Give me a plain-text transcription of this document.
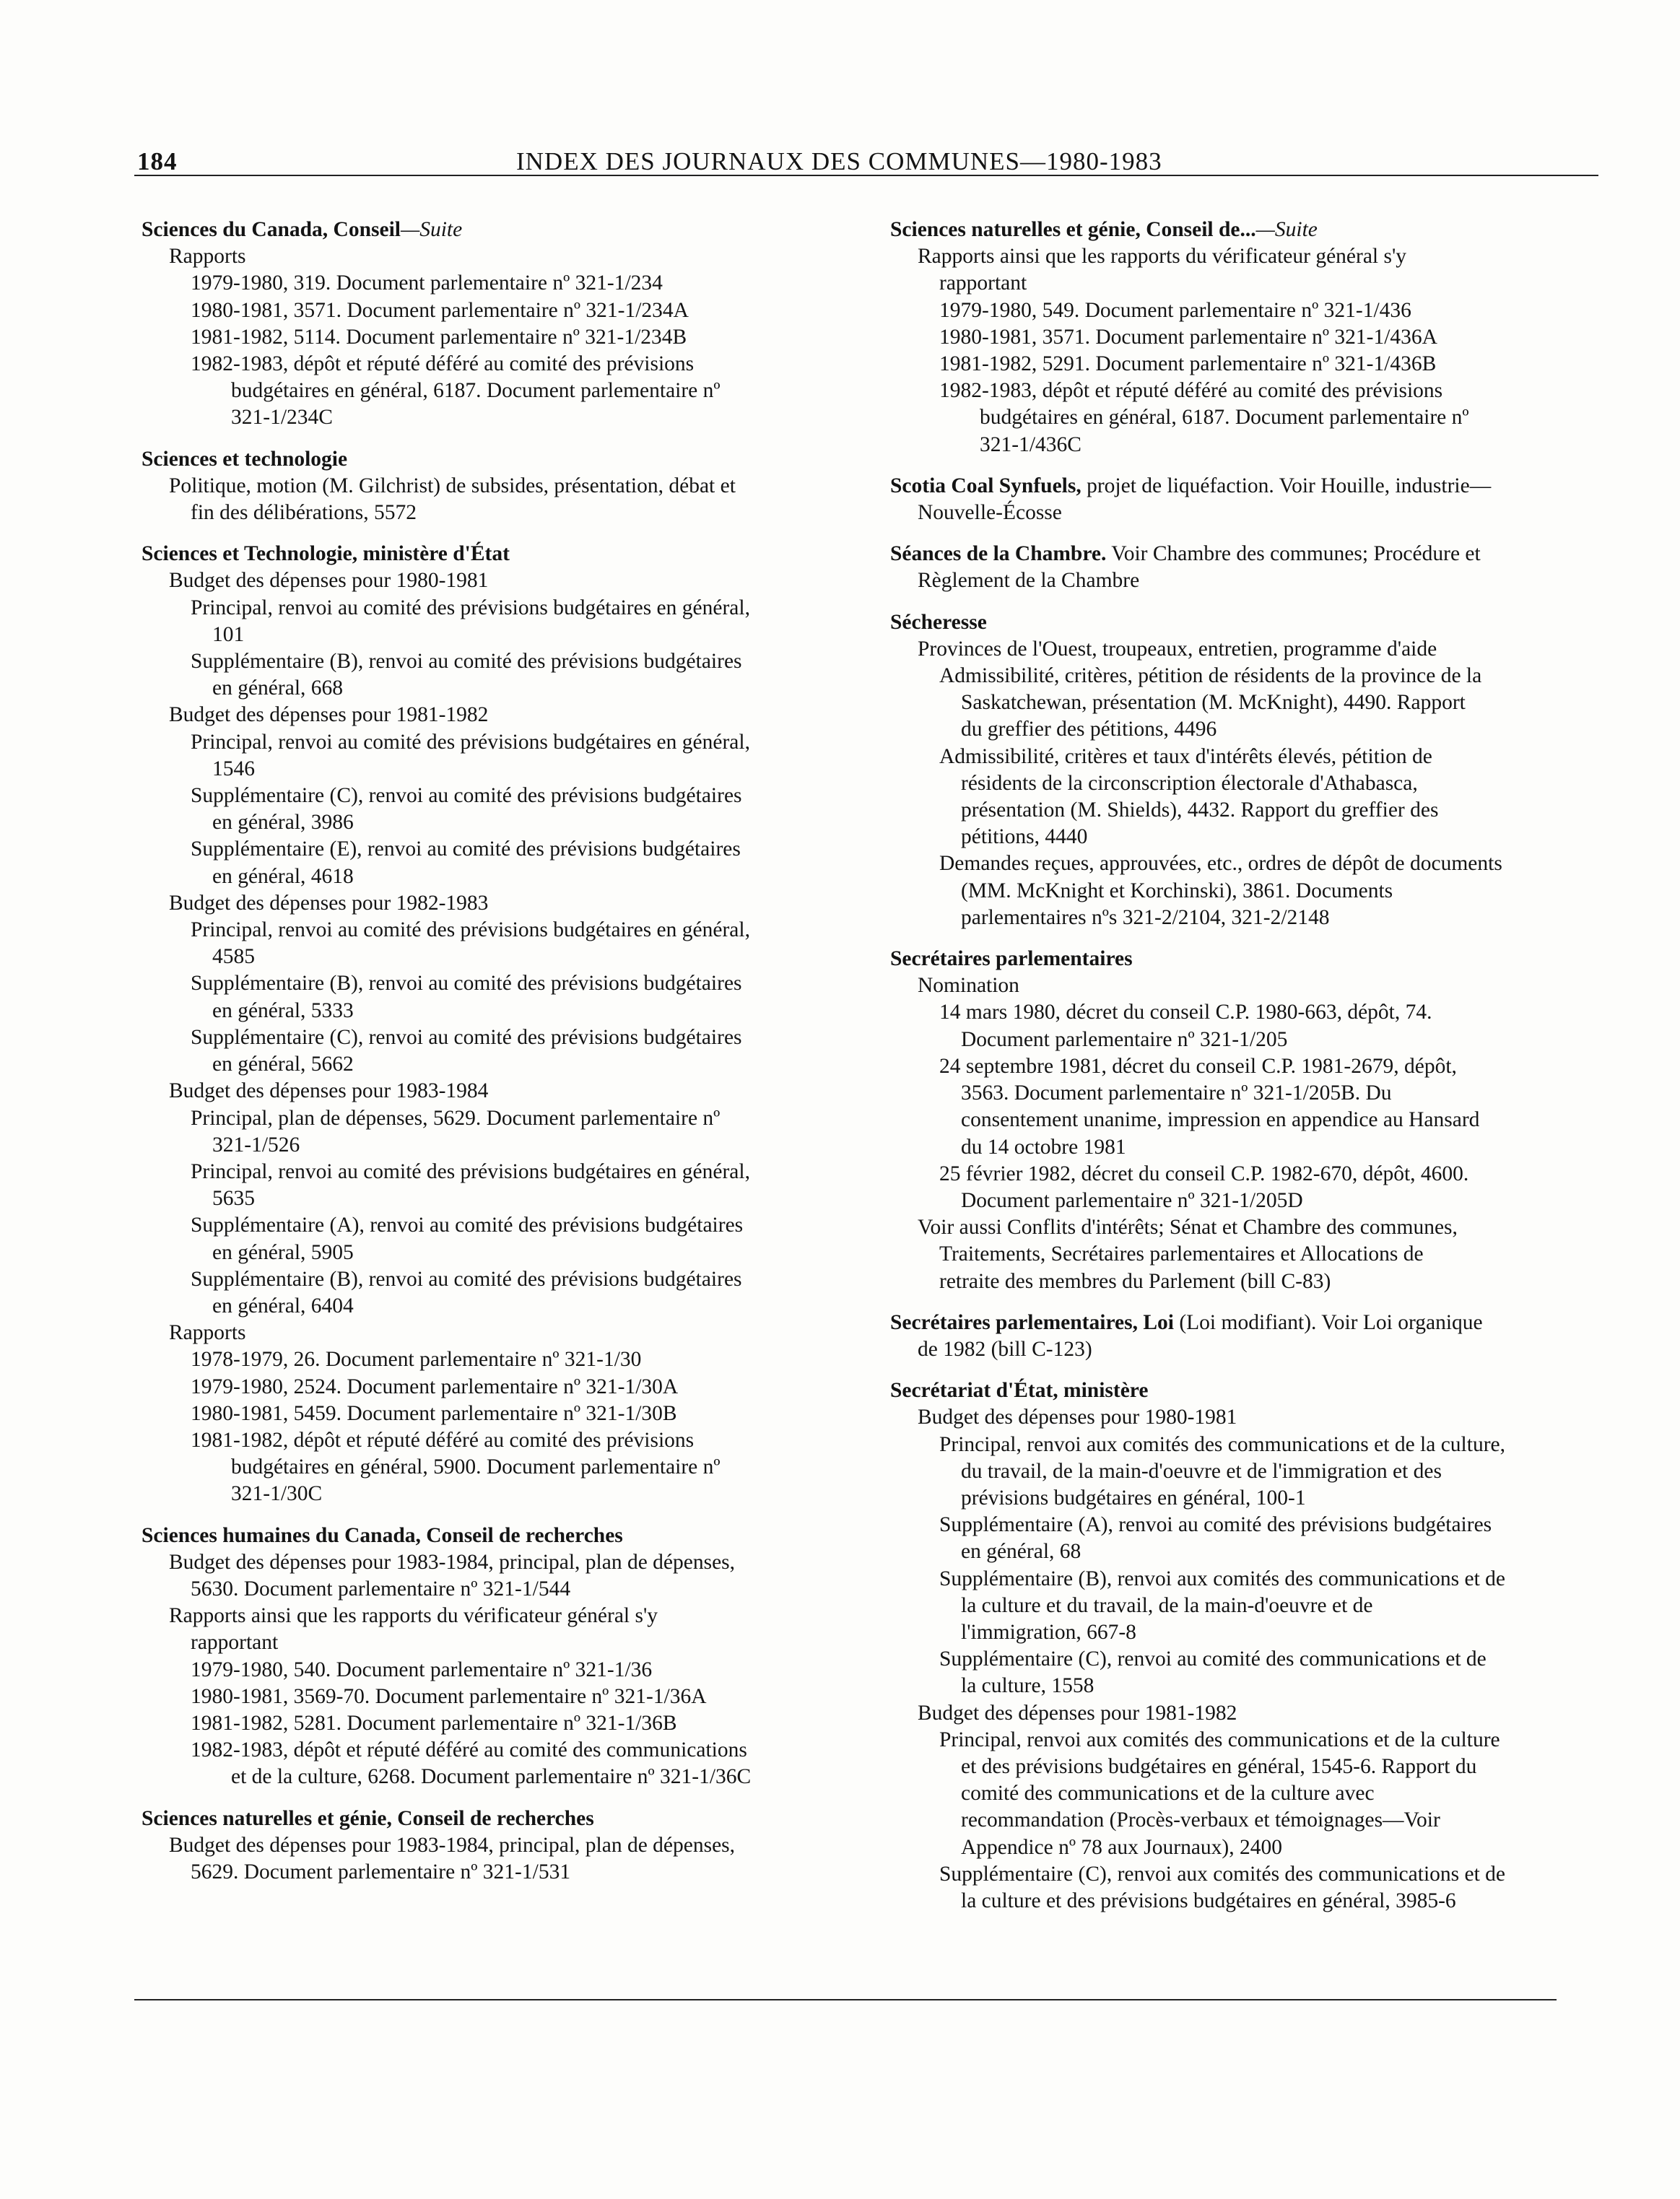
184	INDEX DES JOURNAUX DES COMMUNES—1980-1983
Sciences du Canada, Conseil—Suite
Rapports
1979-1980, 319. Document parlementaire nº 321-1/234
1980-1981, 3571. Document parlementaire nº 321-1/234A
1981-1982, 5114. Document parlementaire nº 321-1/234B
1982-1983, dépôt et réputé déféré au comité des prévisions
budgétaires en général, 6187. Document parlementaire nº
321-1/234C
Sciences et technologie
Politique, motion (M. Gilchrist) de subsides, présentation, débat et
fin des délibérations, 5572
Sciences et Technologie, ministère d'État
Budget des dépenses pour 1980-1981
Principal, renvoi au comité des prévisions budgétaires en général,
101
Supplémentaire (B), renvoi au comité des prévisions budgétaires
en général, 668
Budget des dépenses pour 1981-1982
Principal, renvoi au comité des prévisions budgétaires en général,
1546
Supplémentaire (C), renvoi au comité des prévisions budgétaires
en général, 3986
Supplémentaire (E), renvoi au comité des prévisions budgétaires
en général, 4618
Budget des dépenses pour 1982-1983
Principal, renvoi au comité des prévisions budgétaires en général,
4585
Supplémentaire (B), renvoi au comité des prévisions budgétaires
en général, 5333
Supplémentaire (C), renvoi au comité des prévisions budgétaires
en général, 5662
Budget des dépenses pour 1983-1984
Principal, plan de dépenses, 5629. Document parlementaire nº
321-1/526
Principal, renvoi au comité des prévisions budgétaires en général,
5635
Supplémentaire (A), renvoi au comité des prévisions budgétaires
en général, 5905
Supplémentaire (B), renvoi au comité des prévisions budgétaires
en général, 6404
Rapports
1978-1979, 26. Document parlementaire nº 321-1/30
1979-1980, 2524. Document parlementaire nº 321-1/30A
1980-1981, 5459. Document parlementaire nº 321-1/30B
1981-1982, dépôt et réputé déféré au comité des prévisions
budgétaires en général, 5900. Document parlementaire nº
321-1/30C
Sciences humaines du Canada, Conseil de recherches
Budget des dépenses pour 1983-1984, principal, plan de dépenses,
5630. Document parlementaire nº 321-1/544
Rapports ainsi que les rapports du vérificateur général s'y
rapportant
1979-1980, 540. Document parlementaire nº 321-1/36
1980-1981, 3569-70. Document parlementaire nº 321-1/36A
1981-1982, 5281. Document parlementaire nº 321-1/36B
1982-1983, dépôt et réputé déféré au comité des communications
et de la culture, 6268. Document parlementaire nº 321-1/36C
Sciences naturelles et génie, Conseil de recherches
Budget des dépenses pour 1983-1984, principal, plan de dépenses,
5629. Document parlementaire nº 321-1/531
Sciences naturelles et génie, Conseil de...—Suite
Rapports ainsi que les rapports du vérificateur général s'y
rapportant
1979-1980, 549. Document parlementaire nº 321-1/436
1980-1981, 3571. Document parlementaire nº 321-1/436A
1981-1982, 5291. Document parlementaire nº 321-1/436B
1982-1983, dépôt et réputé déféré au comité des prévisions
budgétaires en général, 6187. Document parlementaire nº
321-1/436C
Scotia Coal Synfuels, projet de liquéfaction. Voir Houille, industrie—
Nouvelle-Écosse
Séances de la Chambre. Voir Chambre des communes; Procédure et
Règlement de la Chambre
Sécheresse
Provinces de l'Ouest, troupeaux, entretien, programme d'aide
Admissibilité, critères, pétition de résidents de la province de la
Saskatchewan, présentation (M. McKnight), 4490. Rapport
du greffier des pétitions, 4496
Admissibilité, critères et taux d'intérêts élevés, pétition de
résidents de la circonscription électorale d'Athabasca,
présentation (M. Shields), 4432. Rapport du greffier des
pétitions, 4440
Demandes reçues, approuvées, etc., ordres de dépôt de documents
(MM. McKnight et Korchinski), 3861. Documents
parlementaires nºs 321-2/2104, 321-2/2148
Secrétaires parlementaires
Nomination
14 mars 1980, décret du conseil C.P. 1980-663, dépôt, 74.
Document parlementaire nº 321-1/205
24 septembre 1981, décret du conseil C.P. 1981-2679, dépôt,
3563. Document parlementaire nº 321-1/205B. Du
consentement unanime, impression en appendice au Hansard
du 14 octobre 1981
25 février 1982, décret du conseil C.P. 1982-670, dépôt, 4600.
Document parlementaire nº 321-1/205D
Voir aussi Conflits d'intérêts; Sénat et Chambre des communes,
Traitements, Secrétaires parlementaires et Allocations de
retraite des membres du Parlement (bill C-83)
Secrétaires parlementaires, Loi (Loi modifiant). Voir Loi organique
de 1982 (bill C-123)
Secrétariat d'État, ministère
Budget des dépenses pour 1980-1981
Principal, renvoi aux comités des communications et de la culture,
du travail, de la main-d'oeuvre et de l'immigration et des
prévisions budgétaires en général, 100-1
Supplémentaire (A), renvoi au comité des prévisions budgétaires
en général, 68
Supplémentaire (B), renvoi aux comités des communications et de
la culture et du travail, de la main-d'oeuvre et de
l'immigration, 667-8
Supplémentaire (C), renvoi au comité des communications et de
la culture, 1558
Budget des dépenses pour 1981-1982
Principal, renvoi aux comités des communications et de la culture
et des prévisions budgétaires en général, 1545-6. Rapport du
comité des communications et de la culture avec
recommandation (Procès-verbaux et témoignages—Voir
Appendice nº 78 aux Journaux), 2400
Supplémentaire (C), renvoi aux comités des communications et de
la culture et des prévisions budgétaires en général, 3985-6
